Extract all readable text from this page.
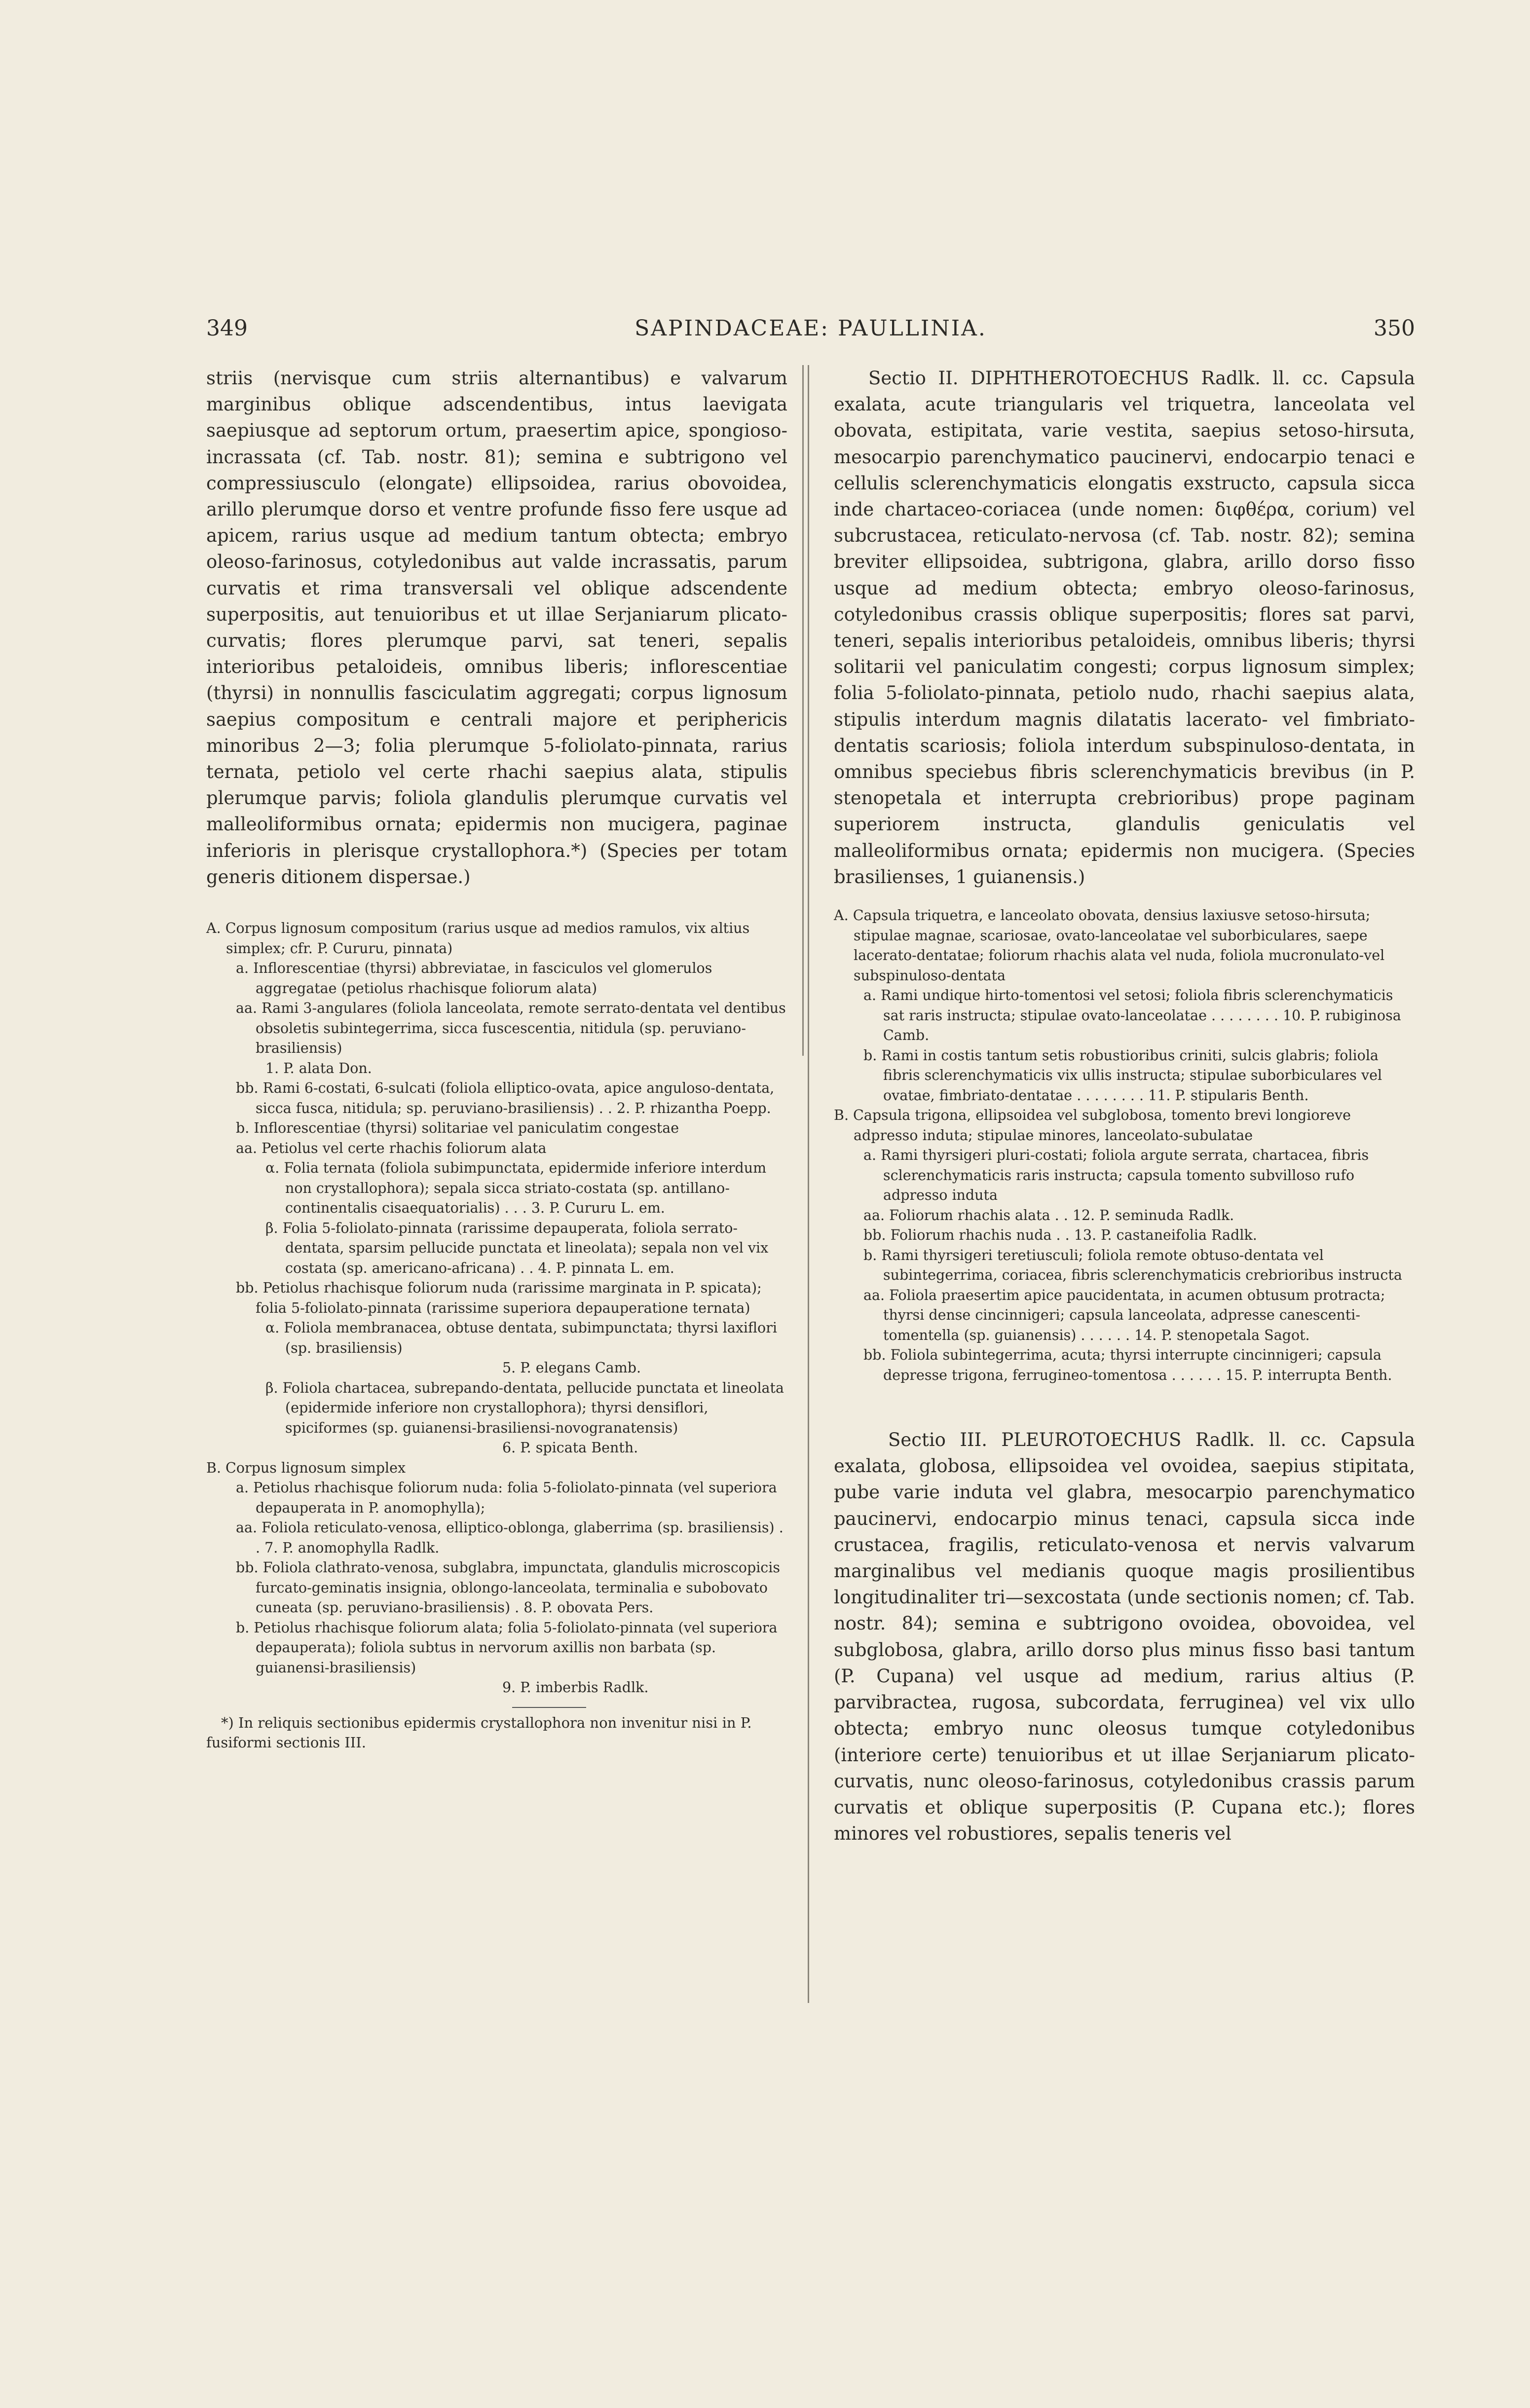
SAPINDACEAE: PAULLINIA.
349	350

striis (nervisque cum striis alternantibus) e valvarum marginibus oblique adscendentibus, intus laevigata saepiusque ad septorum ortum, praesertim apice, spongioso-incrassata (cf. Tab. nostr. 81); semina e subtrigono vel compressiusculo (elongate) ellipsoidea, rarius obovoidea, arillo plerumque dorso et ventre profunde fisso fere usque ad apicem, rarius usque ad medium tantum obtecta; embryo oleoso-farinosus, cotyledonibus aut valde incrassatis, parum curvatis et rima transversali vel oblique adscendente superpositis, aut tenuioribus et ut illae Serjaniarum plicato-curvatis; flores plerumque parvi, sat teneri, sepalis interioribus petaloideis, omnibus liberis; inflorescentiae (thyrsi) in nonnullis fasciculatim aggregati; corpus lignosum saepius compositum e centrali majore et periphericis minoribus 2—3; folia plerumque 5-foliolato-pinnata, rarius ternata, petiolo vel certe rhachi saepius alata, stipulis plerumque parvis; foliola glandulis plerumque curvatis vel malleoliformibus ornata; epidermis non mucigera, paginae inferioris in plerisque crystallophora.*) (Species per totam generis ditionem dispersae.)

A. Corpus lignosum compositum (rarius usque ad medios ramulos, vix altius simplex; cfr. P. Cururu, pinnata)
a. Inflorescentiae (thyrsi) abbreviatae, in fasciculos vel glomerulos aggregatae (petiolus rhachisque foliorum alata)
aa. Rami 3-angulares (foliola lanceolata, remote serrato-dentata vel dentibus obsoletis subintegerrima, sicca fuscescentia, nitidula (sp. peruviano-brasiliensis)
1. P. alata Don.
bb. Rami 6-costati, 6-sulcati (foliola elliptico-ovata, apice anguloso-dentata, sicca fusca, nitidula; sp. peruviano-brasiliensis) . . 2. P. rhizantha Poepp.
b. Inflorescentiae (thyrsi) solitariae vel paniculatim congestae
aa. Petiolus vel certe rhachis foliorum alata
α. Folia ternata (foliola subimpunctata, epidermide inferiore interdum non crystallophora); sepala sicca striato-costata (sp. antillano-continentalis cisaequatorialis) . . . 3. P. Cururu L. em.
β. Folia 5-foliolato-pinnata (rarissime depauperata, foliola serrato-dentata, sparsim pellucide punctata et lineolata); sepala non vel vix costata (sp. americano-africana) . . 4. P. pinnata L. em.
bb. Petiolus rhachisque foliorum nuda (rarissime marginata in P. spicata); folia 5-foliolato-pinnata (rarissime superiora depauperatione ternata)
α. Foliola membranacea, obtuse dentata, subimpunctata; thyrsi laxiflori (sp. brasiliensis)
5. P. elegans Camb.
β. Foliola chartacea, subrepando-dentata, pellucide punctata et lineolata (epidermide inferiore non crystallophora); thyrsi densiflori, spiciformes (sp. guianensi-brasiliensi-novogranatensis)
6. P. spicata Benth.
B. Corpus lignosum simplex
a. Petiolus rhachisque foliorum nuda: folia 5-foliolato-pinnata (vel superiora depauperata in P. anomophylla);
aa. Foliola reticulato-venosa, elliptico-oblonga, glaberrima (sp. brasiliensis) . . 7. P. anomophylla Radlk.
bb. Foliola clathrato-venosa, subglabra, impunctata, glandulis microscopicis furcato-geminatis insignia, oblongo-lanceolata, terminalia e subobovato cuneata (sp. peruviano-brasiliensis) . 8. P. obovata Pers.
b. Petiolus rhachisque foliorum alata; folia 5-foliolato-pinnata (vel superiora depauperata); foliola subtus in nervorum axillis non barbata (sp. guianensi-brasiliensis)
9. P. imberbis Radlk.

*) In reliquis sectionibus epidermis crystallophora non invenitur nisi in P. fusiformi sectionis III.

Sectio II. DIPHTHEROTOECHUS Radlk. ll. cc. Capsula exalata, acute triangularis vel triquetra, lanceolata vel obovata, estipitata, varie vestita, saepius setoso-hirsuta, mesocarpio parenchymatico paucinervi, endocarpio tenaci e cellulis sclerenchymaticis elongatis exstructo, capsula sicca inde chartaceo-coriacea (unde nomen: διφθέρα, corium) vel subcrustacea, reticulato-nervosa (cf. Tab. nostr. 82); semina breviter ellipsoidea, subtrigona, glabra, arillo dorso fisso usque ad medium obtecta; embryo oleoso-farinosus, cotyledonibus crassis oblique superpositis; flores sat parvi, teneri, sepalis interioribus petaloideis, omnibus liberis; thyrsi solitarii vel paniculatim congesti; corpus lignosum simplex; folia 5-foliolato-pinnata, petiolo nudo, rhachi saepius alata, stipulis interdum magnis dilatatis lacerato- vel fimbriato-dentatis scariosis; foliola interdum subspinuloso-dentata, in omnibus speciebus fibris sclerenchymaticis brevibus (in P. stenopetala et interrupta crebrioribus) prope paginam superiorem instructa, glandulis geniculatis vel malleoliformibus ornata; epidermis non mucigera. (Species brasilienses, 1 guianensis.)

A. Capsula triquetra, e lanceolato obovata, densius laxiusve setoso-hirsuta; stipulae magnae, scariosae, ovato-lanceolatae vel suborbiculares, saepe lacerato-dentatae; foliorum rhachis alata vel nuda, foliola mucronulato-vel subspinuloso-dentata
a. Rami undique hirto-tomentosi vel setosi; foliola fibris sclerenchymaticis sat raris instructa; stipulae ovato-lanceolatae . . . . . . . . 10. P. rubiginosa Camb.
b. Rami in costis tantum setis robustioribus criniti, sulcis glabris; foliola fibris sclerenchymaticis vix ullis instructa; stipulae suborbiculares vel ovatae, fimbriato-dentatae . . . . . . . . 11. P. stipularis Benth.
B. Capsula trigona, ellipsoidea vel subglobosa, tomento brevi longioreve adpresso induta; stipulae minores, lanceolato-subulatae
a. Rami thyrsigeri pluri-costati; foliola argute serrata, chartacea, fibris sclerenchymaticis raris instructa; capsula tomento subvilloso rufo adpresso induta
aa. Foliorum rhachis alata . . 12. P. seminuda Radlk.
bb. Foliorum rhachis nuda . . 13. P. castaneifolia Radlk.
b. Rami thyrsigeri teretiusculi; foliola remote obtuso-dentata vel subintegerrima, coriacea, fibris sclerenchymaticis crebrioribus instructa
aa. Foliola praesertim apice paucidentata, in acumen obtusum protracta; thyrsi dense cincinnigeri; capsula lanceolata, adpresse canescenti-tomentella (sp. guianensis) . . . . . . 14. P. stenopetala Sagot.
bb. Foliola subintegerrima, acuta; thyrsi interrupte cincinnigeri; capsula depresse trigona, ferrugineo-tomentosa . . . . . . 15. P. interrupta Benth.

Sectio III. PLEUROTOECHUS Radlk. ll. cc. Capsula exalata, globosa, ellipsoidea vel ovoidea, saepius stipitata, pube varie induta vel glabra, mesocarpio parenchymatico paucinervi, endocarpio minus tenaci, capsula sicca inde crustacea, fragilis, reticulato-venosa et nervis valvarum marginalibus vel medianis quoque magis prosilientibus longitudinaliter tri—sexcostata (unde sectionis nomen; cf. Tab. nostr. 84); semina e subtrigono ovoidea, obovoidea, vel subglobosa, glabra, arillo dorso plus minus fisso basi tantum (P. Cupana) vel usque ad medium, rarius altius (P. parvibractea, rugosa, subcordata, ferruginea) vel vix ullo obtecta; embryo nunc oleosus tumque cotyledonibus (interiore certe) tenuioribus et ut illae Serjaniarum plicato-curvatis, nunc oleoso-farinosus, cotyledonibus crassis parum curvatis et oblique superpositis (P. Cupana etc.); flores minores vel robustiores, sepalis teneris vel
